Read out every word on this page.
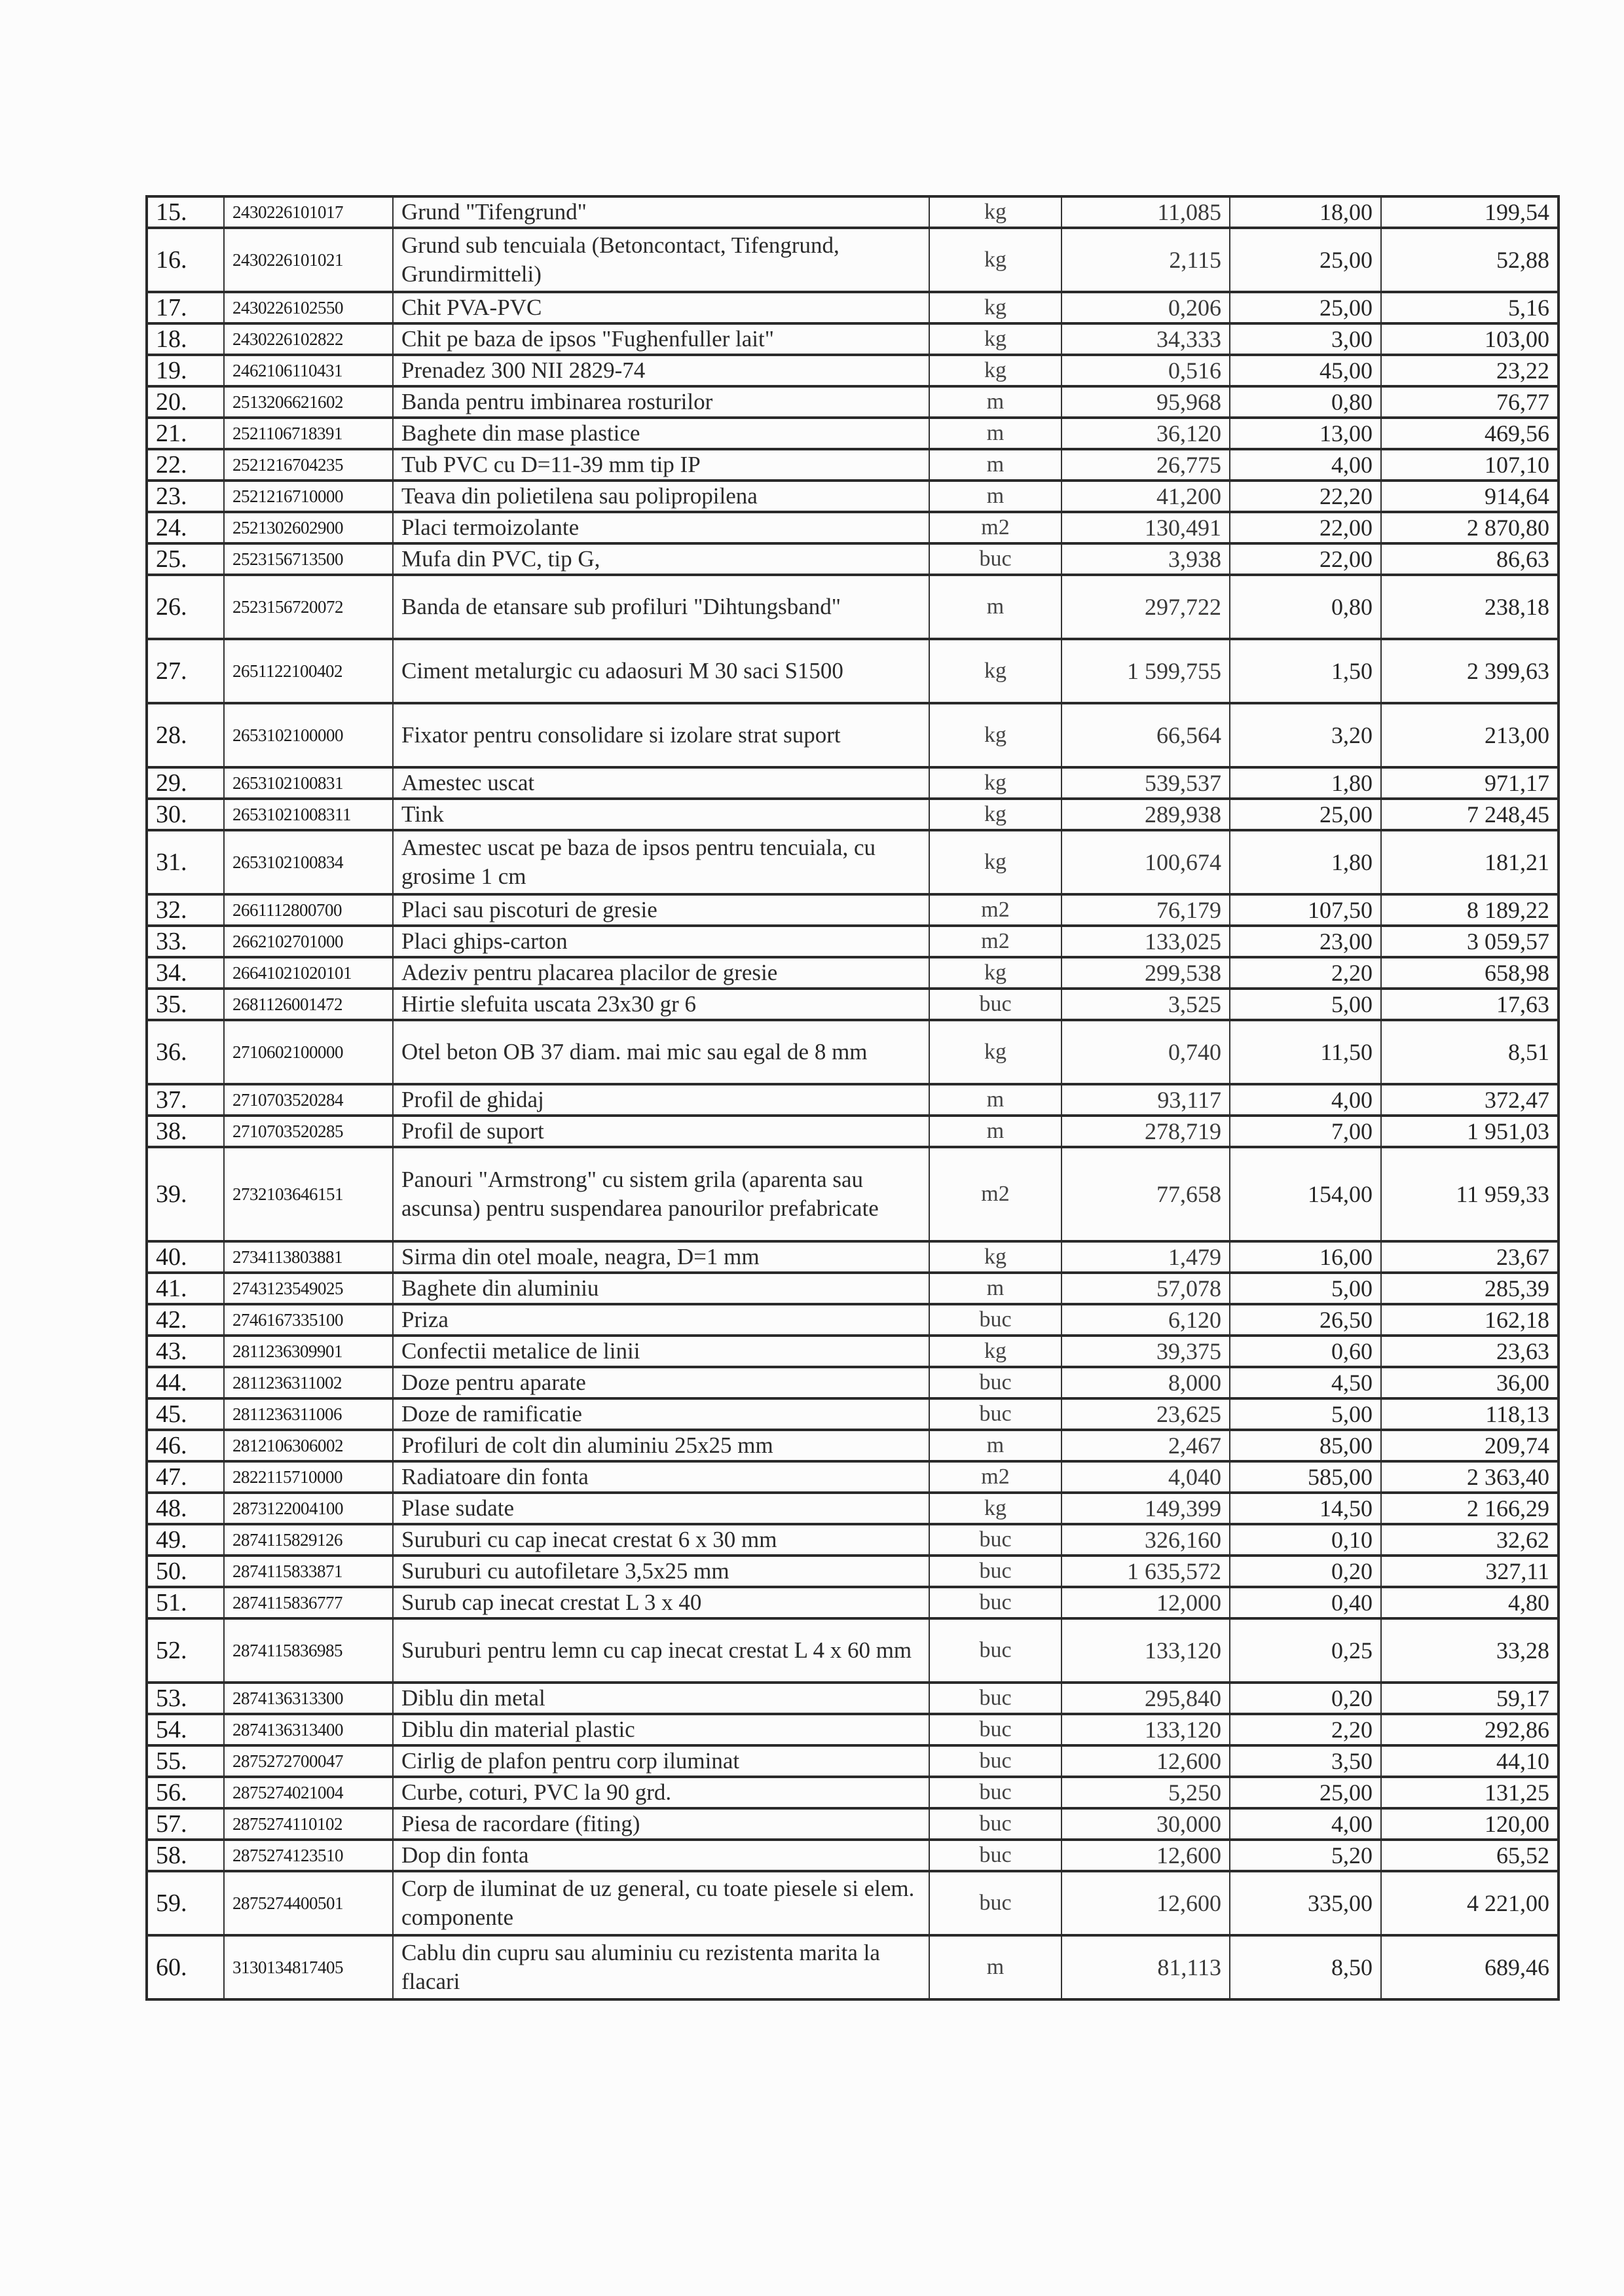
15.	2430226101017	Grund "Tifengrund"	kg	11,085	18,00	199,54
16.	2430226101021	Grund sub tencuiala (Betoncontact, Tifengrund, Grundirmitteli)	kg	2,115	25,00	52,88
17.	2430226102550	Chit PVA-PVC	kg	0,206	25,00	5,16
18.	2430226102822	Chit pe baza de ipsos "Fughenfuller lait"	kg	34,333	3,00	103,00
19.	2462106110431	Prenadez 300 NII 2829-74	kg	0,516	45,00	23,22
20.	2513206621602	Banda pentru imbinarea rosturilor	m	95,968	0,80	76,77
21.	2521106718391	Baghete din mase plastice	m	36,120	13,00	469,56
22.	2521216704235	Tub PVC cu D=11-39 mm tip IP	m	26,775	4,00	107,10
23.	2521216710000	Teava din polietilena sau polipropilena	m	41,200	22,20	914,64
24.	2521302602900	Placi termoizolante	m2	130,491	22,00	2 870,80
25.	2523156713500	Mufa din PVC, tip G,	buc	3,938	22,00	86,63
26.	2523156720072	Banda de etansare sub profiluri "Dihtungsband"	m	297,722	0,80	238,18
27.	2651122100402	Ciment metalurgic cu adaosuri M 30 saci S1500	kg	1 599,755	1,50	2 399,63
28.	2653102100000	Fixator pentru consolidare si izolare strat suport	kg	66,564	3,20	213,00
29.	2653102100831	Amestec uscat	kg	539,537	1,80	971,17
30.	26531021008311	Tink	kg	289,938	25,00	7 248,45
31.	2653102100834	Amestec uscat pe baza de ipsos pentru tencuiala, cu grosime 1 cm	kg	100,674	1,80	181,21
32.	2661112800700	Placi sau piscoturi de gresie	m2	76,179	107,50	8 189,22
33.	2662102701000	Placi ghips-carton	m2	133,025	23,00	3 059,57
34.	26641021020101	Adeziv pentru placarea placilor de gresie	kg	299,538	2,20	658,98
35.	2681126001472	Hirtie slefuita uscata 23x30 gr 6	buc	3,525	5,00	17,63
36.	2710602100000	Otel beton OB 37 diam. mai mic sau egal de 8 mm	kg	0,740	11,50	8,51
37.	2710703520284	Profil de ghidaj	m	93,117	4,00	372,47
38.	2710703520285	Profil de suport	m	278,719	7,00	1 951,03
39.	2732103646151	Panouri "Armstrong" cu sistem grila (aparenta sau ascunsa) pentru suspendarea panourilor prefabricate	m2	77,658	154,00	11 959,33
40.	2734113803881	Sirma din otel moale, neagra, D=1 mm	kg	1,479	16,00	23,67
41.	2743123549025	Baghete din aluminiu	m	57,078	5,00	285,39
42.	2746167335100	Priza	buc	6,120	26,50	162,18
43.	2811236309901	Confectii metalice de linii	kg	39,375	0,60	23,63
44.	2811236311002	Doze pentru aparate	buc	8,000	4,50	36,00
45.	2811236311006	Doze de ramificatie	buc	23,625	5,00	118,13
46.	2812106306002	Profiluri de colt din aluminiu 25x25 mm	m	2,467	85,00	209,74
47.	2822115710000	Radiatoare din fonta	m2	4,040	585,00	2 363,40
48.	2873122004100	Plase sudate	kg	149,399	14,50	2 166,29
49.	2874115829126	Suruburi cu cap inecat crestat 6 x 30 mm	buc	326,160	0,10	32,62
50.	2874115833871	Suruburi cu autofiletare 3,5x25 mm	buc	1 635,572	0,20	327,11
51.	2874115836777	Surub cap inecat crestat L 3 x 40	buc	12,000	0,40	4,80
52.	2874115836985	Suruburi pentru lemn cu cap inecat crestat L 4 x 60 mm	buc	133,120	0,25	33,28
53.	2874136313300	Diblu din metal	buc	295,840	0,20	59,17
54.	2874136313400	Diblu din material plastic	buc	133,120	2,20	292,86
55.	2875272700047	Cirlig de plafon pentru corp iluminat	buc	12,600	3,50	44,10
56.	2875274021004	Curbe, coturi, PVC la 90 grd.	buc	5,250	25,00	131,25
57.	2875274110102	Piesa de racordare (fiting)	buc	30,000	4,00	120,00
58.	2875274123510	Dop din fonta	buc	12,600	5,20	65,52
59.	2875274400501	Corp de iluminat de uz general, cu toate piesele si elem. componente	buc	12,600	335,00	4 221,00
60.	3130134817405	Cablu din cupru sau aluminiu cu rezistenta marita la flacari	m	81,113	8,50	689,46
